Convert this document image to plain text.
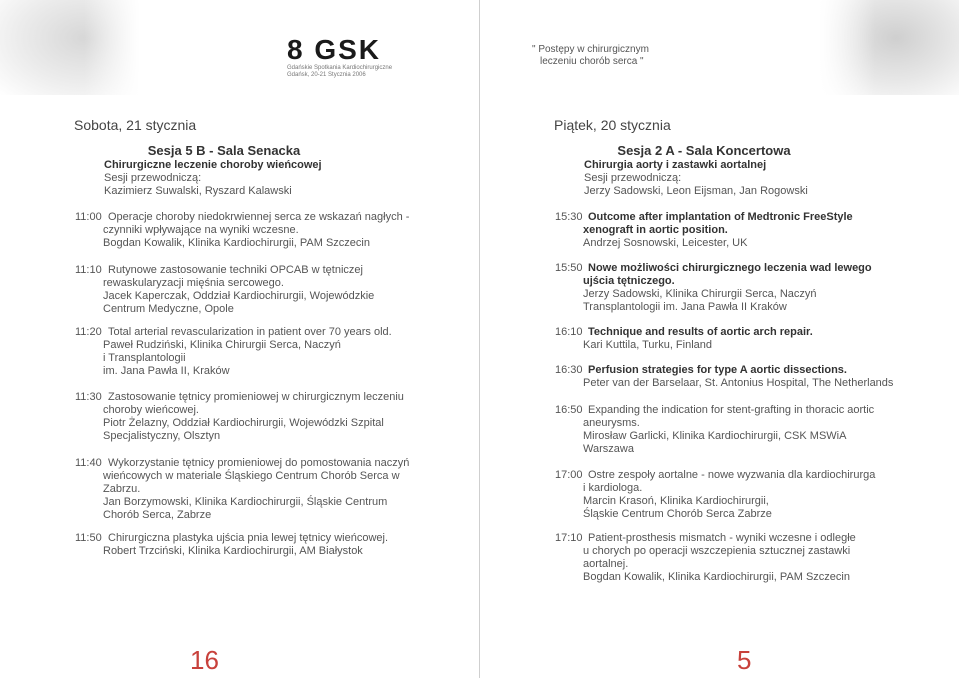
8 GSK
Gdańskie Spotkania Kardiochirurgiczne
Gdańsk, 20-21 Stycznia 2006
Sobota, 21 stycznia
Sesja 5 B - Sala Senacka
Chirurgiczne leczenie choroby wieńcowej
Sesji przewodniczą:
Kazimierz Suwalski, Ryszard Kalawski
11:00 Operacje choroby niedokrwiennej serca ze wskazań nagłych -
czynniki wpływające na wyniki wczesne.
Bogdan Kowalik, Klinika Kardiochirurgii, PAM Szczecin
11:10 Rutynowe zastosowanie techniki OPCAB w tętniczej
rewaskularyzacji mięśnia sercowego.
Jacek Kaperczak, Oddział Kardiochirurgii, Wojewódzkie
Centrum Medyczne, Opole
11:20 Total arterial revascularization in patient over 70 years old.
Paweł Rudziński, Klinika Chirurgii Serca, Naczyń
i Transplantologii
im. Jana Pawła II, Kraków
11:30 Zastosowanie tętnicy promieniowej w chirurgicznym leczeniu
choroby wieńcowej.
Piotr Żelazny, Oddział Kardiochirurgii, Wojewódzki Szpital
Specjalistyczny, Olsztyn
11:40 Wykorzystanie tętnicy promieniowej do pomostowania naczyń
wieńcowych w materiale Śląskiego Centrum Chorób Serca w
Zabrzu.
Jan Borzymowski, Klinika Kardiochirurgii, Śląskie Centrum
Chorób Serca, Zabrze
11:50 Chirurgiczna plastyka ujścia pnia lewej tętnicy wieńcowej.
Robert Trzciński, Klinika Kardiochirurgii, AM Białystok
16
" Postępy w chirurgicznym
leczeniu chorób serca "
Piątek, 20 stycznia
Sesja 2 A - Sala Koncertowa
Chirurgia aorty i zastawki aortalnej
Sesji przewodniczą:
Jerzy Sadowski, Leon Eijsman, Jan Rogowski
15:30 Outcome after implantation of Medtronic FreeStyle
xenograft in aortic position.
Andrzej Sosnowski, Leicester, UK
15:50 Nowe możliwości chirurgicznego leczenia wad lewego
ujścia tętniczego.
Jerzy Sadowski, Klinika Chirurgii Serca, Naczyń
Transplantologii im. Jana Pawła II Kraków
16:10 Technique and results of aortic arch repair.
Kari Kuttila, Turku, Finland
16:30 Perfusion strategies for type A aortic dissections.
Peter van der Barselaar, St. Antonius Hospital, The Netherlands
16:50 Expanding the indication for stent-grafting in thoracic aortic
aneurysms.
Mirosław Garlicki, Klinika Kardiochirurgii, CSK MSWiA
Warszawa
17:00 Ostre zespoły aortalne - nowe wyzwania dla kardiochirurga
i kardiologa.
Marcin Krasoń, Klinika Kardiochirurgii,
Śląskie Centrum Chorób Serca Zabrze
17:10 Patient-prosthesis mismatch - wyniki wczesne i odległe
u chorych po operacji wszczepienia sztucznej zastawki
aortalnej.
Bogdan Kowalik, Klinika Kardiochirurgii, PAM Szczecin
5
